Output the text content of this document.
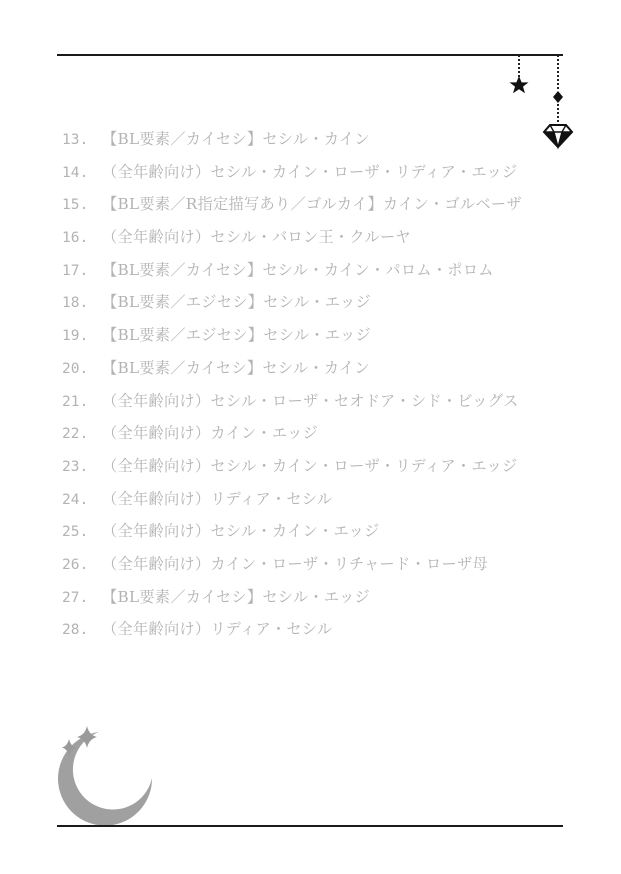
13. 【BL要素／カイセシ】セシル・カイン
14. （全年齢向け）セシル・カイン・ローザ・リディア・エッジ
15. 【BL要素／R指定描写あり／ゴルカイ】カイン・ゴルベーザ
16. （全年齢向け）セシル・バロン王・クルーヤ
17. 【BL要素／カイセシ】セシル・カイン・パロム・ポロム
18. 【BL要素／エジセシ】セシル・エッジ
19. 【BL要素／エジセシ】セシル・エッジ
20. 【BL要素／カイセシ】セシル・カイン
21. （全年齢向け）セシル・ローザ・セオドア・シド・ビッグス
22. （全年齢向け）カイン・エッジ
23. （全年齢向け）セシル・カイン・ローザ・リディア・エッジ
24. （全年齢向け）リディア・セシル
25. （全年齢向け）セシル・カイン・エッジ
26. （全年齢向け）カイン・ローザ・リチャード・ローザ母
27. 【BL要素／カイセシ】セシル・エッジ
28. （全年齢向け）リディア・セシル
